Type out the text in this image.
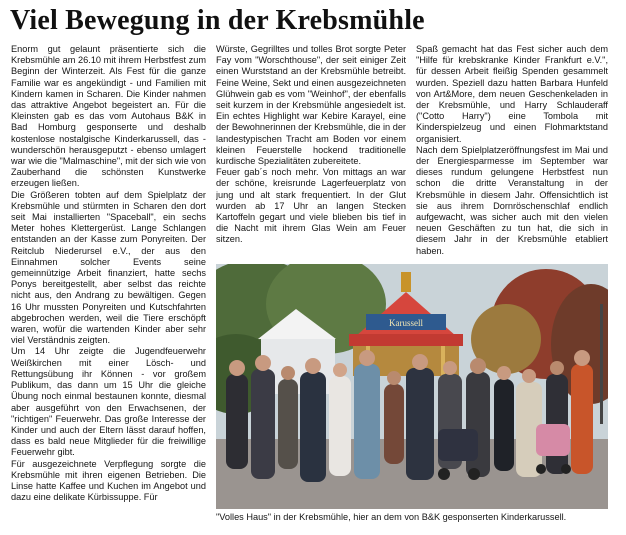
Viel Bewegung in der Krebsmühle

Enorm gut gelaunt präsentierte sich die Krebsmühle am 26.10 mit ihrem Herbstfest zum Beginn der Winterzeit. Als Fest für die ganze Familie war es angekündigt - und Familien mit Kindern kamen in Scharen. Die Kinder nahmen das attraktive Angebot begeistert an. Für die Kleinsten gab es das vom Autohaus B&K in Bad Homburg gesponserte und deshalb kostenlose nostalgische Kinderkarussell, das - wunderschön herausgeputzt - ebenso umlagert war wie die "Malmaschine", mit der sich wie von Zauberhand die schönsten Kunstwerke erzeugen ließen.

Die Größeren tobten auf dem Spielplatz der Krebsmühle und stürmten in Scharen den dort seit Mai installierten "Spaceball", ein sechs Meter hohes Klettergerüst. Lange Schlangen entstanden an der Kasse zum Ponyreiten. Der Reitclub Niederursel e.V., der aus den Einnahmen solcher Events seine gemeinnützige Arbeit finanziert, hatte sechs Ponys bereitgestellt, aber selbst das reichte nicht aus, den Andrang zu bewältigen. Gegen 16 Uhr mussten Ponyreiten und Kutschfahrten abgebrochen werden, weil die Tiere erschöpft waren, wofür die wartenden Kinder aber sehr viel Verständnis zeigten.

Um 14 Uhr zeigte die Jugendfeuerwehr Weißkirchen mit einer Lösch- und Rettungsübung ihr Können - vor großem Publikum, das dann um 15 Uhr die gleiche Übung noch einmal bestaunen konnte, diesmal aber ausgeführt von den Erwachsenen, der "richtigen" Feuerwehr. Das große Interesse der Kinder und auch der Eltern lässt darauf hoffen, dass es bald neue Mitglieder für die freiwillige Feuerwehr gibt.

Für ausgezeichnete Verpflegung sorgte die Krebsmühle mit ihren eigenen Betrieben. Die Linse hatte Kaffee und Kuchen im Angebot und dazu eine delikate Kürbissuppe. Für

Würste, Gegrilltes und tolles Brot sorgte Peter Fay vom "Worschthouse", der seit einiger Zeit einen Wurststand an der Krebsmühle betreibt. Feine Weine, Sekt und einen ausgezeichneten Glühwein gab es vom "Weinhof", der ebenfalls seit kurzem in der Krebsmühle angesiedelt ist. Ein echtes Highlight war Kebire Karayel, eine der Bewohnerinnen der Krebsmühle, die in der landestypischen Tracht am Boden vor einem kleinen Feuerstelle hockend traditionelle kurdische Spezialitäten zubereitete.

Feuer gab´s noch mehr. Von mittags an war der schöne, kreisrunde Lagerfeuerplatz von jung und alt stark frequentiert. In der Glut wurden ab 17 Uhr an langen Stecken Kartoffeln gegart und viele blieben bis tief in die Nacht mit ihrem Glas Wein am Feuer sitzen.

Spaß gemacht hat das Fest sicher auch dem "Hilfe für krebskranke Kinder Frankfurt e.V.", für dessen Arbeit fleißig Spenden gesammelt wurden. Speziell dazu hatten Barbara Hunfeld von Art&More, dem neuen Geschenkeladen in der Krebsmühle, und Harry Schlauderaff ("Cotto Harry") eine Tombola mit Kinderspielzeug und einen Flohmarktstand organisiert.

Nach dem Spielplatzeröffnungsfest im Mai und der Energiesparmesse im September war dieses rundum gelungene Herbstfest nun schon die dritte Veranstaltung in der Krebsmühle in diesem Jahr. Offensichtlich ist sie aus ihrem Dornröschenschlaf endlich aufgewacht, was sicher auch mit den vielen neuen Geschäften zu tun hat, die sich in diesem Jahr in der Krebsmühle etabliert haben.

Karussell
"Volles Haus" in der Krebsmühle, hier an dem von B&K gesponserten Kinderkarussell.
